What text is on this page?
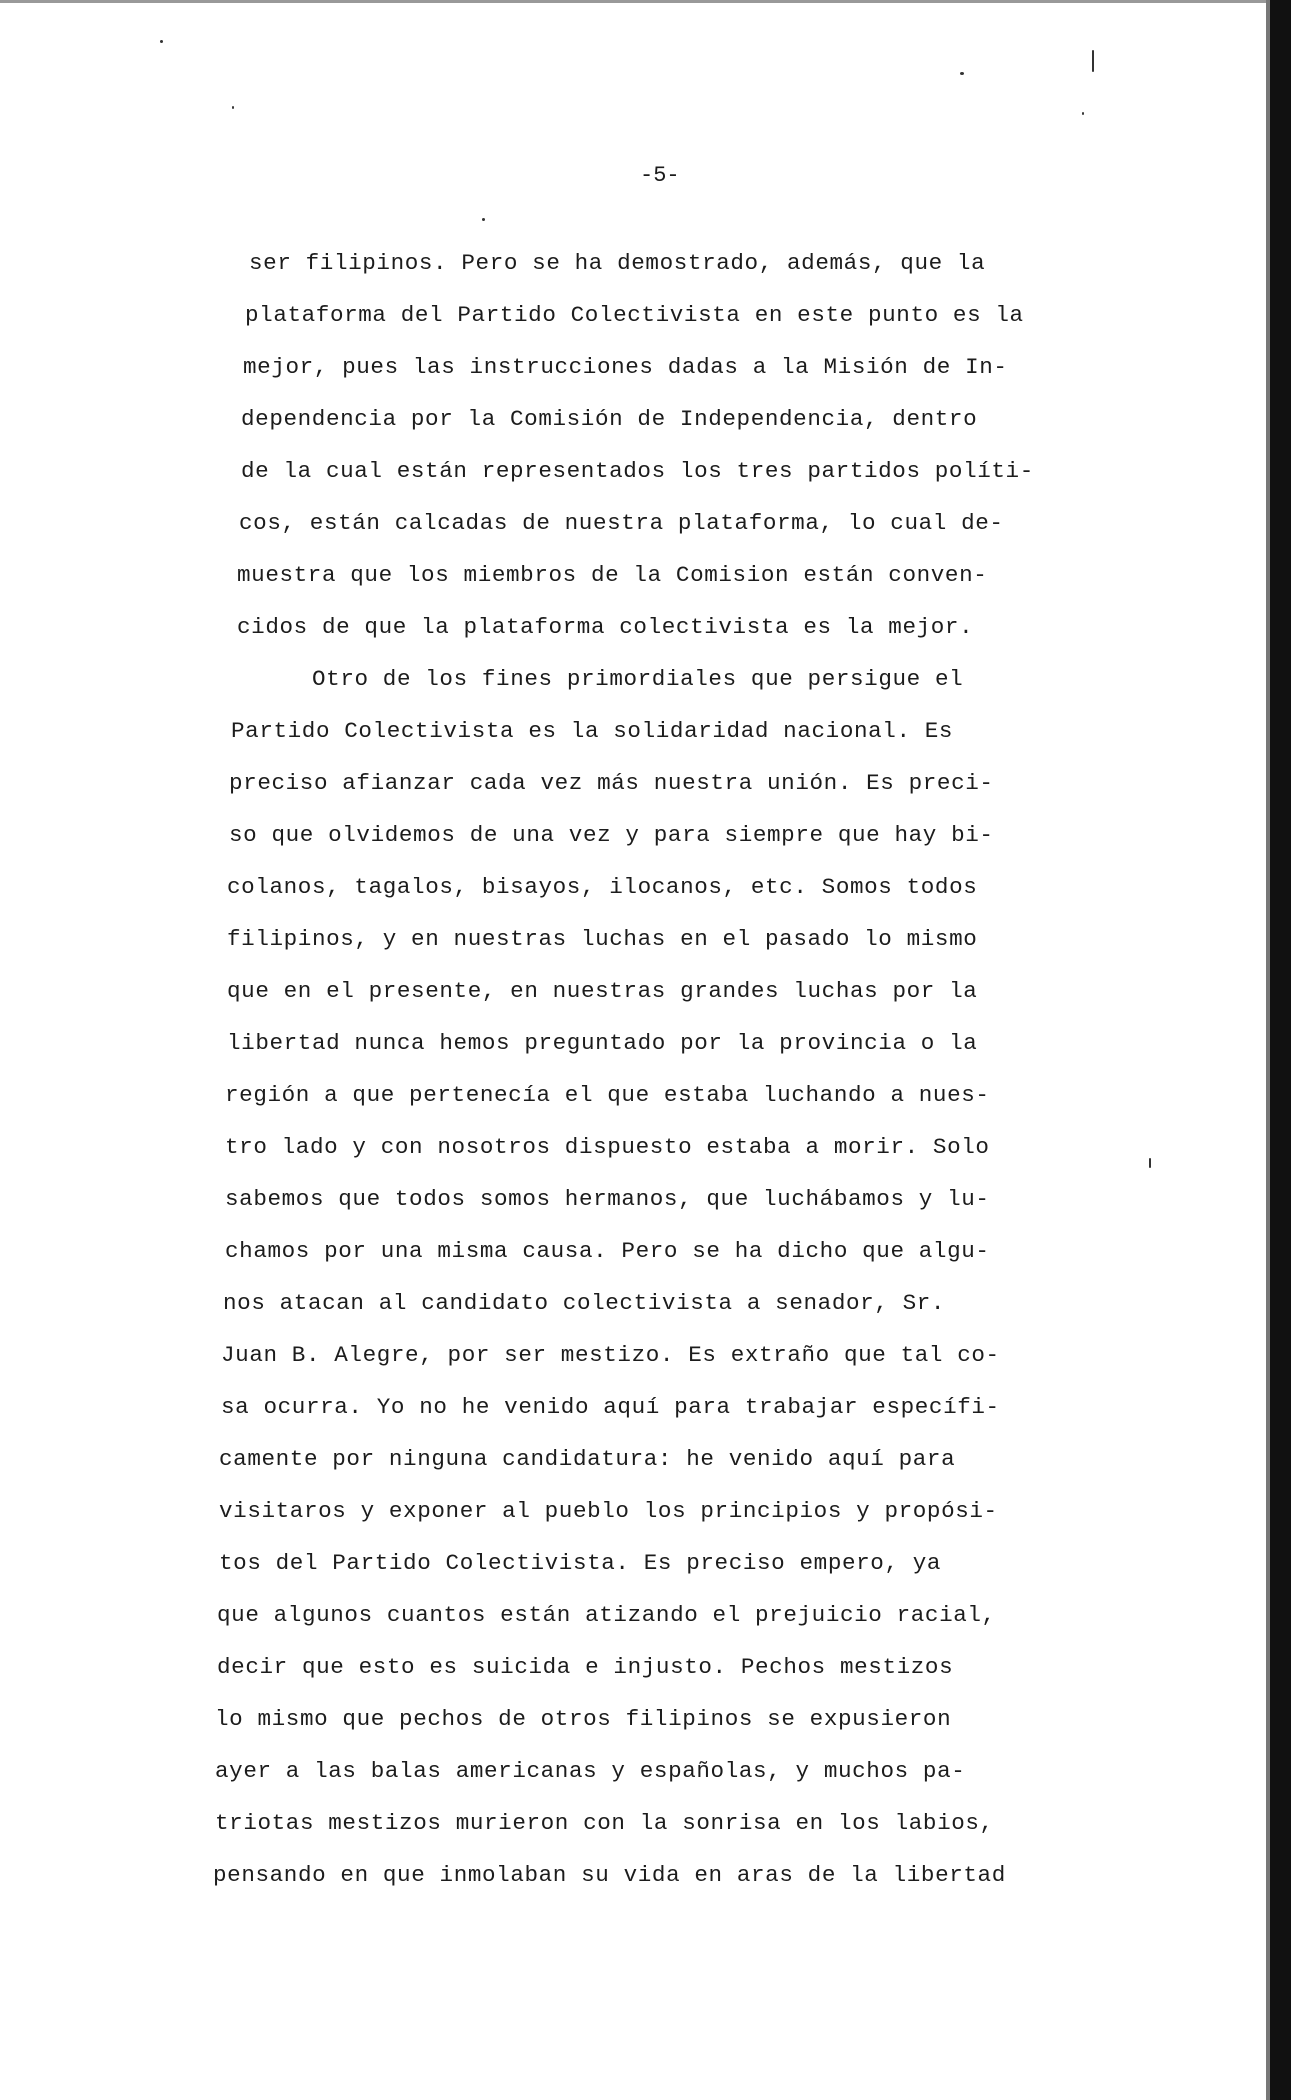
-5-
ser filipinos. Pero se ha demostrado, además, que la
plataforma del Partido Colectivista en este punto es la
mejor, pues las instrucciones dadas a la Misión de In-
dependencia por la Comisión de Independencia, dentro
de la cual están representados los tres partidos políti-
cos, están calcadas de nuestra plataforma, lo cual de-
muestra que los miembros de la Comision están conven-
cidos de que la plataforma colectivista es la mejor.
Otro de los fines primordiales que persigue el
Partido Colectivista es la solidaridad nacional. Es
preciso afianzar cada vez más nuestra unión. Es preci-
so que olvidemos de una vez y para siempre que hay bi-
colanos, tagalos, bisayos, ilocanos, etc. Somos todos
filipinos, y en nuestras luchas en el pasado lo mismo
que en el presente, en nuestras grandes luchas por la
libertad nunca hemos preguntado por la provincia o la
región a que pertenecía el que estaba luchando a nues-
tro lado y con nosotros dispuesto estaba a morir. Solo
sabemos que todos somos hermanos, que luchábamos y lu-
chamos por una misma causa. Pero se ha dicho que algu-
nos atacan al candidato colectivista a senador, Sr.
Juan B. Alegre, por ser mestizo. Es extraño que tal co-
sa ocurra. Yo no he venido aquí para trabajar específi-
camente por ninguna candidatura: he venido aquí para
visitaros y exponer al pueblo los principios y propósi-
tos del Partido Colectivista. Es preciso empero, ya
que algunos cuantos están atizando el prejuicio racial,
decir que esto es suicida e injusto. Pechos mestizos
lo mismo que pechos de otros filipinos se expusieron
ayer a las balas americanas y españolas, y muchos pa-
triotas mestizos murieron con la sonrisa en los labios,
pensando en que inmolaban su vida en aras de la libertad
